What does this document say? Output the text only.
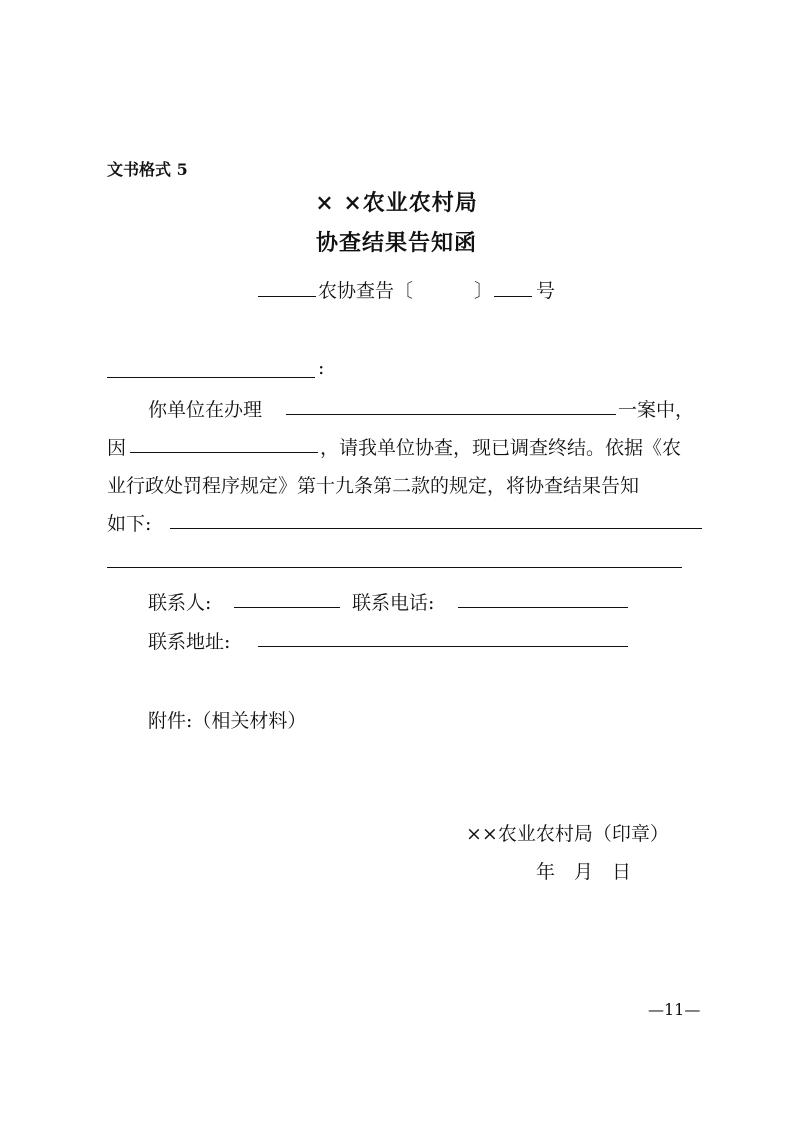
文书格式 5
× ×农业农村局
协查结果告知函
农协查告〔	〕 号
:
你单位在办理	一案中，
因	，请我单位协查，现已调查终结。依据《农
业行政处罚程序规定》第十九条第二款的规定，将协查结果告知
如下:
联系人:	联系电话:
联系地址:
附件:（相关材料）
××农业农村局（印章）
年　月　日
—11—
